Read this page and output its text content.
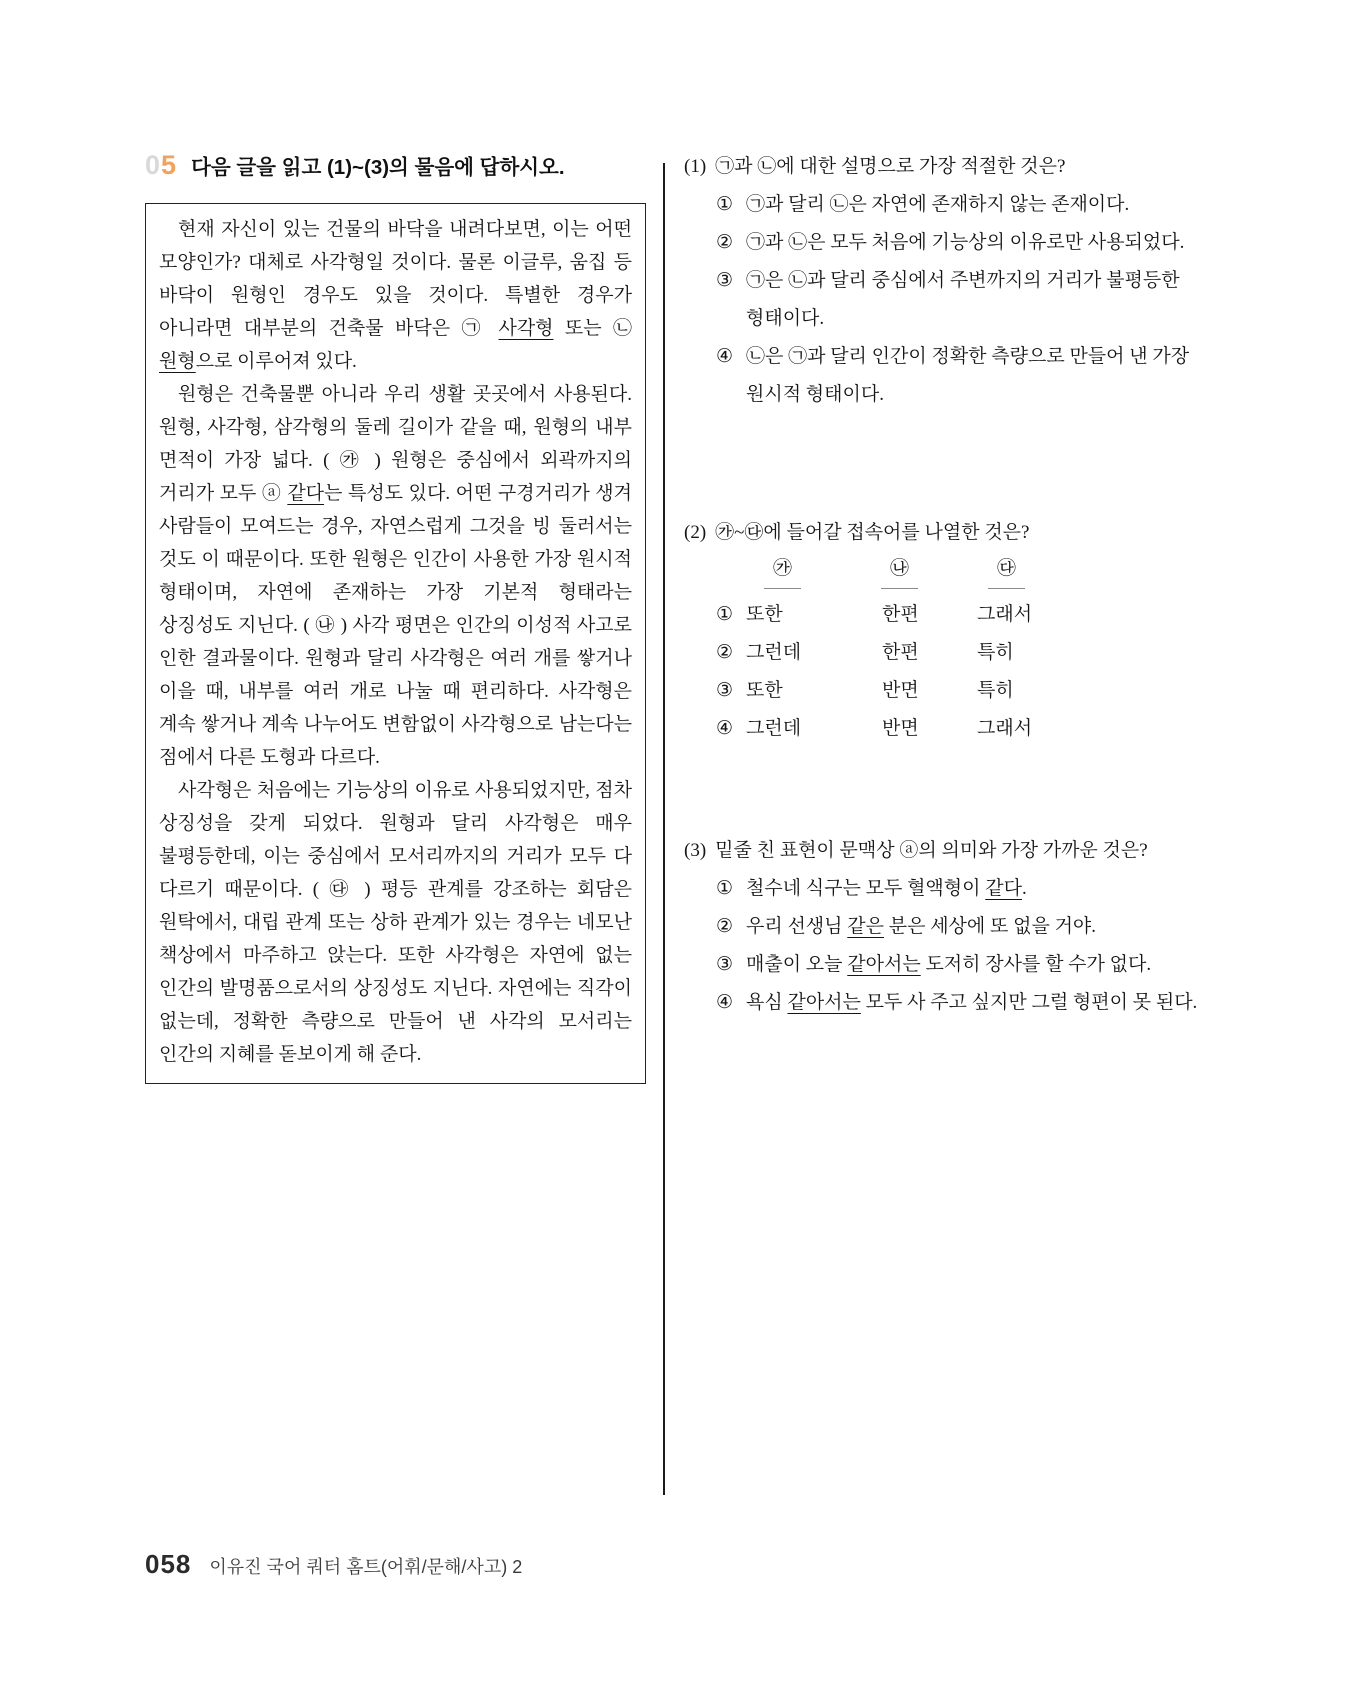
05 다음 글을 읽고 (1)~(3)의 물음에 답하시오.

현재 자신이 있는 건물의 바닥을 내려다보면, 이는 어떤 모양인가? 대체로 사각형일 것이다. 물론 이글루, 움집 등 바닥이 원형인 경우도 있을 것이다. 특별한 경우가 아니라면 대부분의 건축물 바닥은 ㉠ 사각형 또는 ㉡ 원형으로 이루어져 있다.

원형은 건축물뿐 아니라 우리 생활 곳곳에서 사용된다. 원형, 사각형, 삼각형의 둘레 길이가 같을 때, 원형의 내부 면적이 가장 넓다. ( ㉮ ) 원형은 중심에서 외곽까지의 거리가 모두 ⓐ 같다는 특성도 있다. 어떤 구경거리가 생겨 사람들이 모여드는 경우, 자연스럽게 그것을 빙 둘러서는 것도 이 때문이다. 또한 원형은 인간이 사용한 가장 원시적 형태이며, 자연에 존재하는 가장 기본적 형태라는 상징성도 지닌다. ( ㉯ ) 사각 평면은 인간의 이성적 사고로 인한 결과물이다. 원형과 달리 사각형은 여러 개를 쌓거나 이을 때, 내부를 여러 개로 나눌 때 편리하다. 사각형은 계속 쌓거나 계속 나누어도 변함없이 사각형으로 남는다는 점에서 다른 도형과 다르다.

사각형은 처음에는 기능상의 이유로 사용되었지만, 점차 상징성을 갖게 되었다. 원형과 달리 사각형은 매우 불평등한데, 이는 중심에서 모서리까지의 거리가 모두 다 다르기 때문이다. ( ㉰ ) 평등 관계를 강조하는 회담은 원탁에서, 대립 관계 또는 상하 관계가 있는 경우는 네모난 책상에서 마주하고 앉는다. 또한 사각형은 자연에 없는 인간의 발명품으로서의 상징성도 지닌다. 자연에는 직각이 없는데, 정확한 측량으로 만들어 낸 사각의 모서리는 인간의 지혜를 돋보이게 해 준다.

(1) ㉠과 ㉡에 대한 설명으로 가장 적절한 것은?
① ㉠과 달리 ㉡은 자연에 존재하지 않는 존재이다.
② ㉠과 ㉡은 모두 처음에 기능상의 이유로만 사용되었다.
③ ㉠은 ㉡과 달리 중심에서 주변까지의 거리가 불평등한 형태이다.
④ ㉡은 ㉠과 달리 인간이 정확한 측량으로 만들어 낸 가장 원시적 형태이다.
(2) ㉮~㉰에 들어갈 접속어를 나열한 것은?
㉮	㉯	㉰
① 또한	한편	그래서
② 그런데	한편	특히
③ 또한	반면	특히
④ 그런데	반면	그래서
(3) 밑줄 친 표현이 문맥상 ⓐ의 의미와 가장 가까운 것은?
① 철수네 식구는 모두 혈액형이 같다.
② 우리 선생님 같은 분은 세상에 또 없을 거야.
③ 매출이 오늘 같아서는 도저히 장사를 할 수가 없다.
④ 욕심 같아서는 모두 사 주고 싶지만 그럴 형편이 못 된다.
058 이유진 국어 쿼터 홈트(어휘/문해/사고) 2
